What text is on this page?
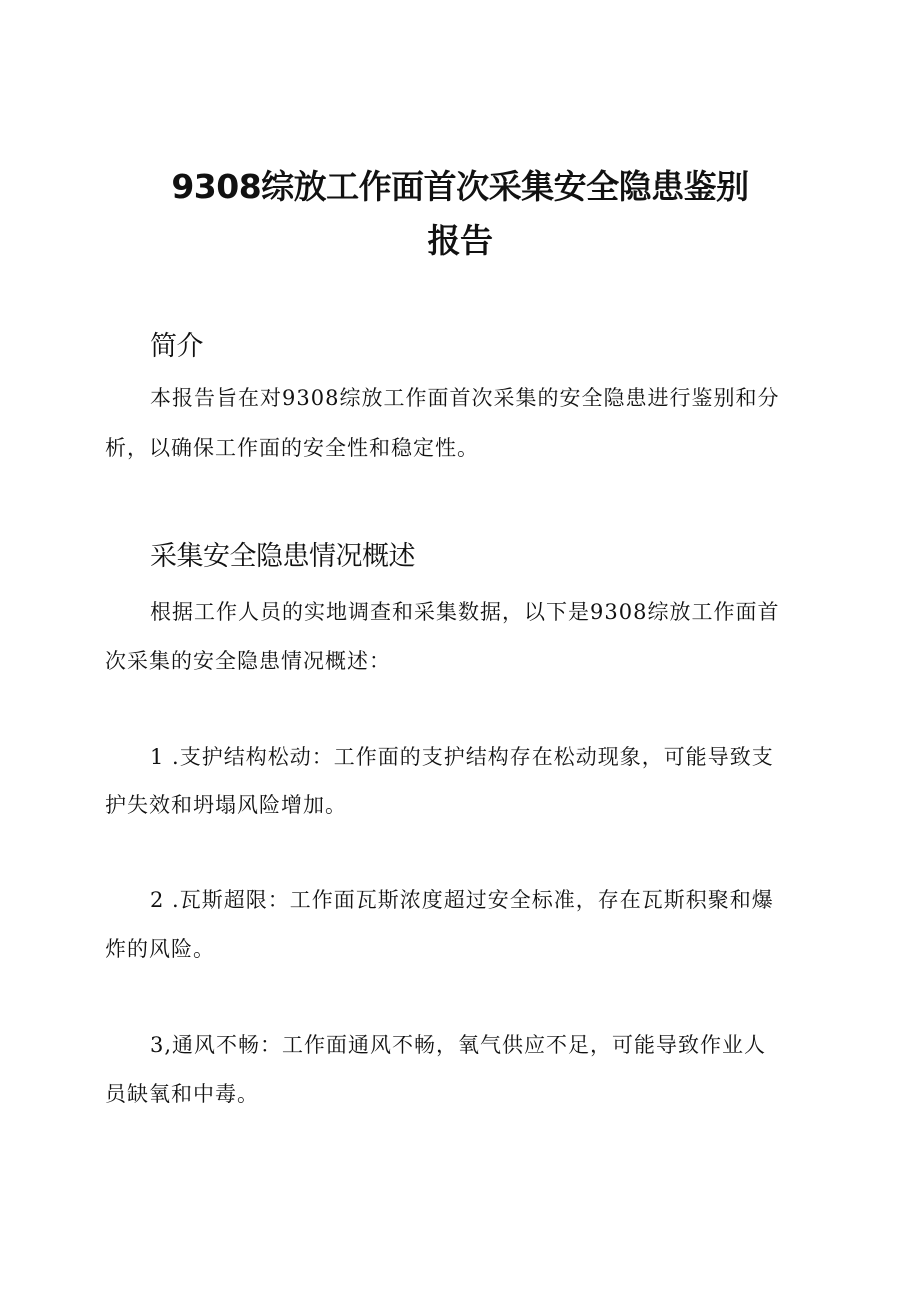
9308综放工作面首次采集安全隐患鉴别
报告
简介
本报告旨在对9308综放工作面首次采集的安全隐患进行鉴别和分
析，以确保工作面的安全性和稳定性。
采集安全隐患情况概述
根据工作人员的实地调查和采集数据，以下是9308综放工作面首
次采集的安全隐患情况概述：
1 .支护结构松动：工作面的支护结构存在松动现象，可能导致支
护失效和坍塌风险增加。
2 .瓦斯超限：工作面瓦斯浓度超过安全标准，存在瓦斯积聚和爆
炸的风险。
3,通风不畅：工作面通风不畅，氧气供应不足，可能导致作业人
员缺氧和中毒。
